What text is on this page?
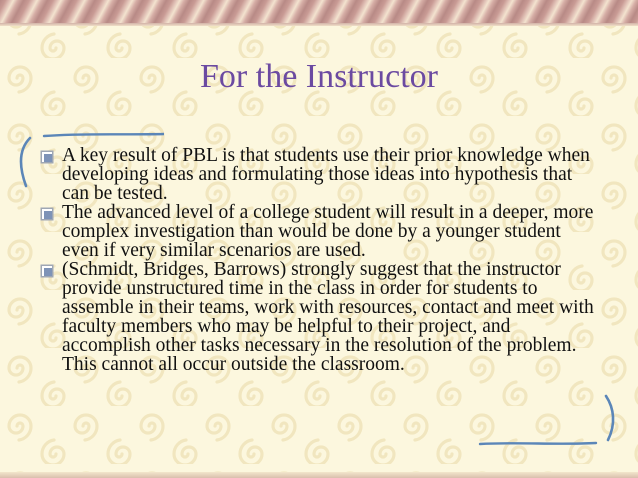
For the Instructor
A key result of PBL is that students use their prior knowledge when developing ideas and formulating those ideas into hypothesis that can be tested.
The advanced level of a college student will result in a deeper, more complex investigation than would be done by a younger student even if very similar scenarios are used.
(Schmidt, Bridges, Barrows) strongly suggest that the instructor provide unstructured time in the class in order for students to assemble in their teams, work with resources, contact and meet with faculty members who may be helpful to their project, and accomplish other tasks necessary in the resolution of the problem. This cannot all occur outside the classroom.
